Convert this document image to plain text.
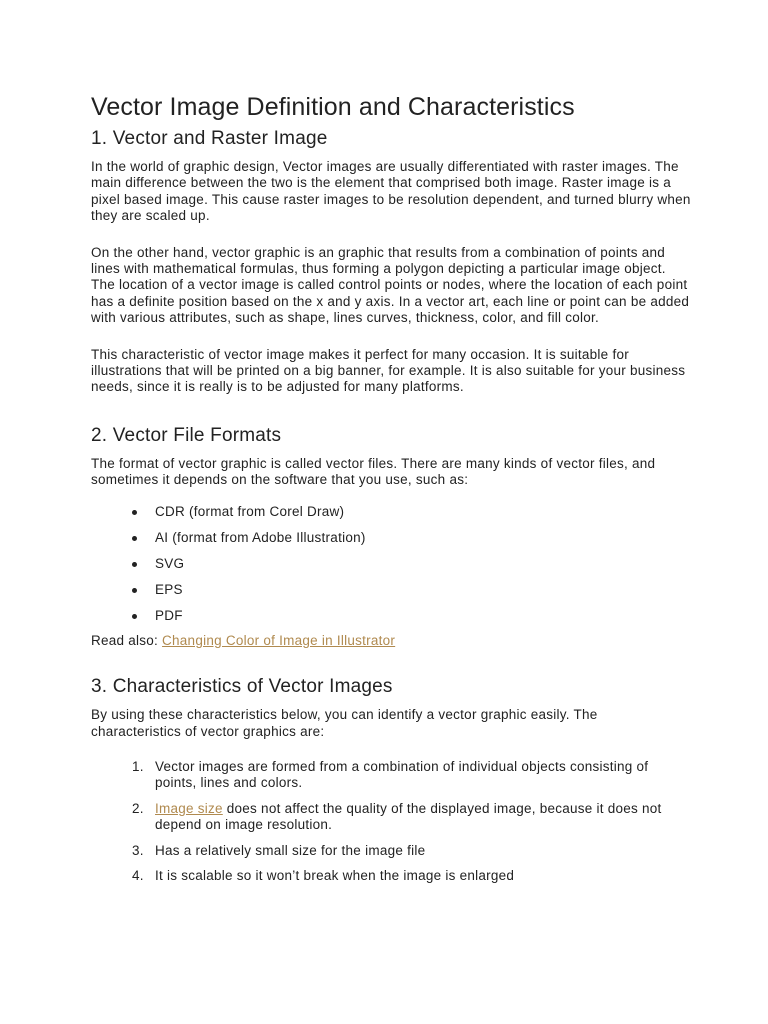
Vector Image Definition and Characteristics
1. Vector and Raster Image

In the world of graphic design, Vector images are usually differentiated with raster images. The main difference between the two is the element that comprised both image. Raster image is a pixel based image. This cause raster images to be resolution dependent, and turned blurry when they are scaled up.

On the other hand, vector graphic is an graphic that results from a combination of points and lines with mathematical formulas, thus forming a polygon depicting a particular image object. The location of a vector image is called control points or nodes, where the location of each point has a definite position based on the x and y axis. In a vector art, each line or point can be added with various attributes, such as shape, lines curves, thickness, color, and fill color.

This characteristic of vector image makes it perfect for many occasion. It is suitable for illustrations that will be printed on a big banner, for example. It is also suitable for your business needs, since it is really is to be adjusted for many platforms.

2. Vector File Formats

The format of vector graphic is called vector files. There are many kinds of vector files, and sometimes it depends on the software that you use, such as:

CDR (format from Corel Draw)
AI (format from Adobe Illustration)
SVG
EPS
PDF

Read also: Changing Color of Image in Illustrator

3. Characteristics of Vector Images

By using these characteristics below, you can identify a vector graphic easily. The characteristics of vector graphics are:

1. Vector images are formed from a combination of individual objects consisting of points, lines and colors.
2. Image size does not affect the quality of the displayed image, because it does not depend on image resolution.
3. Has a relatively small size for the image file
4. It is scalable so it won’t break when the image is enlarged
